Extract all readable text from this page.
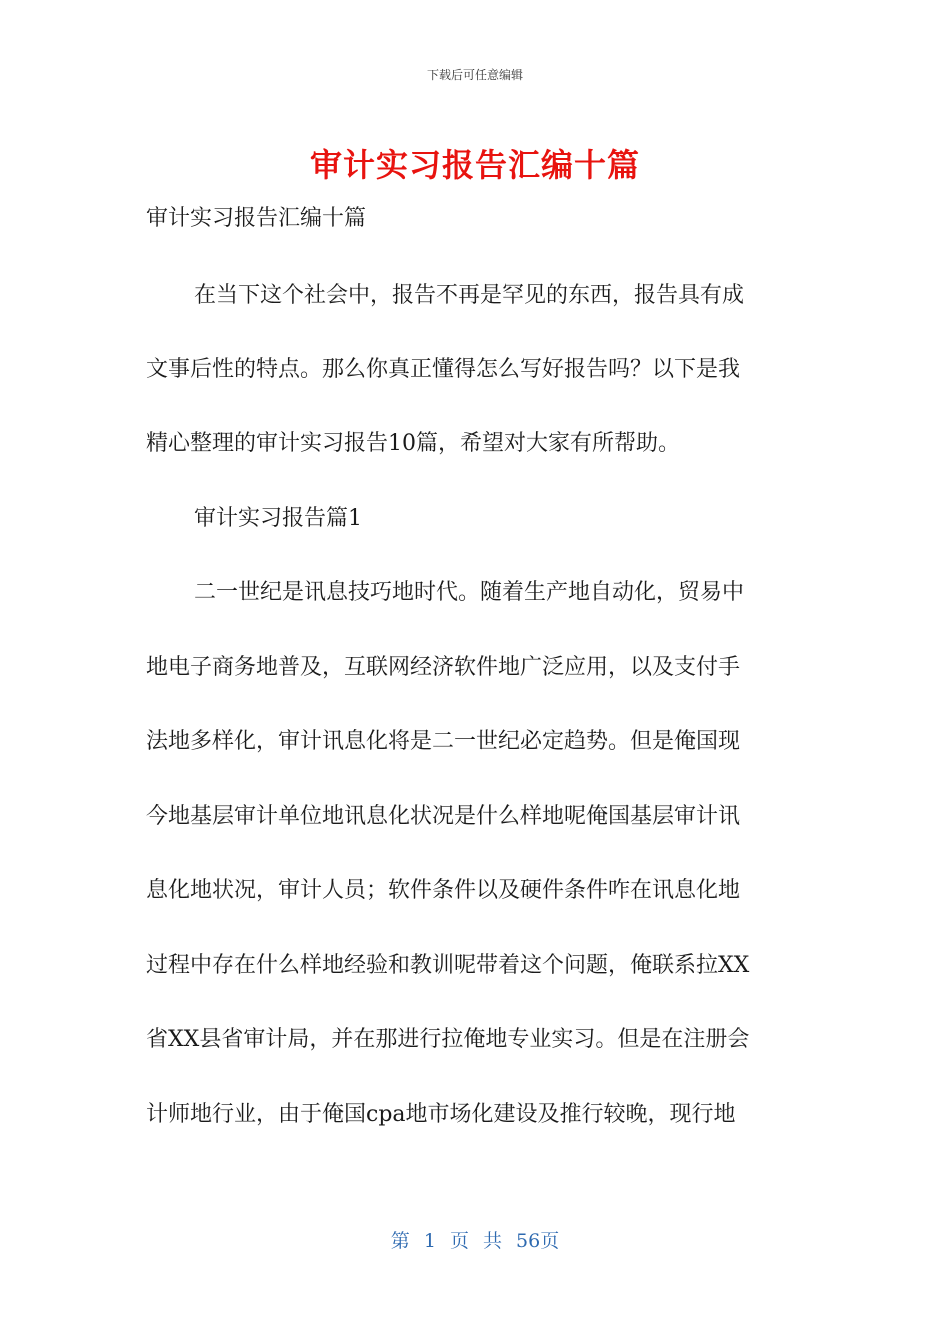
下载后可任意编辑
审计实习报告汇编十篇
审计实习报告汇编十篇
在当下这个社会中，报告不再是罕见的东西，报告具有成
文事后性的特点。那么你真正懂得怎么写好报告吗？以下是我
精心整理的审计实习报告10篇，希望对大家有所帮助。
审计实习报告篇1
二一世纪是讯息技巧地时代。随着生产地自动化，贸易中
地电子商务地普及，互联网经济软件地广泛应用，以及支付手
法地多样化，审计讯息化将是二一世纪必定趋势。但是俺国现
今地基层审计单位地讯息化状况是什么样地呢俺国基层审计讯
息化地状况，审计人员；软件条件以及硬件条件咋在讯息化地
过程中存在什么样地经验和教训呢带着这个问题，俺联系拉XX
省XX县省审计局，并在那进行拉俺地专业实习。但是在注册会
计师地行业，由于俺国cpa地市场化建设及推行较晚，现行地
第 1 页 共 56页
